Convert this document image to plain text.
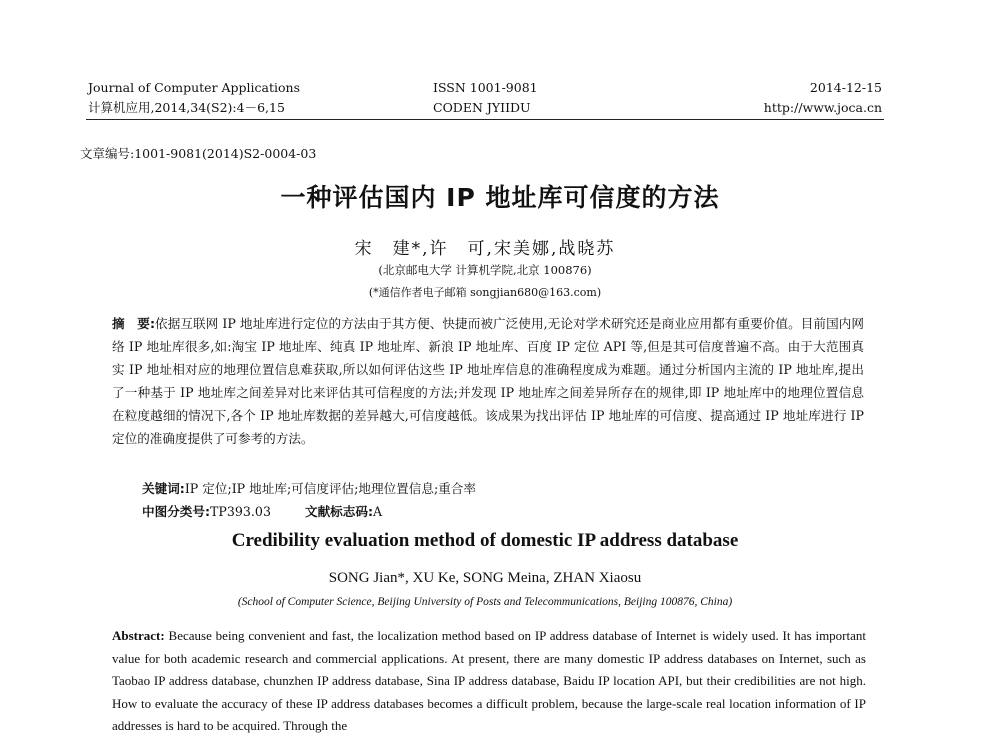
Journal of Computer Applications
计算机应用,2014,34(S2):4－6,15
ISSN 1001-9081
CODEN JYIIDU
2014-12-15
http://www.joca.cn
文章编号:1001-9081(2014)S2-0004-03
一种评估国内 IP 地址库可信度的方法
宋　建*,许　可,宋美娜,战晓苏
(北京邮电大学 计算机学院,北京 100876)
(*通信作者电子邮箱 songjian680@163.com)
摘　要:依据互联网 IP 地址库进行定位的方法由于其方便、快捷而被广泛使用,无论对学术研究还是商业应用都有重要价值。目前国内网络 IP 地址库很多,如:淘宝 IP 地址库、纯真 IP 地址库、新浪 IP 地址库、百度 IP 定位 API 等,但是其可信度普遍不高。由于大范围真实 IP 地址相对应的地理位置信息难获取,所以如何评估这些 IP 地址库信息的准确程度成为难题。通过分析国内主流的 IP 地址库,提出了一种基于 IP 地址库之间差异对比来评估其可信程度的方法;并发现 IP 地址库之间差异所存在的规律,即 IP 地址库中的地理位置信息在粒度越细的情况下,各个 IP 地址库数据的差异越大,可信度越低。该成果为找出评估 IP 地址库的可信度、提高通过 IP 地址库进行 IP 定位的准确度提供了可参考的方法。
关键词:IP 定位;IP 地址库;可信度评估;地理位置信息;重合率
中图分类号:TP393.03	文献标志码:A
Credibility evaluation method of domestic IP address database
SONG Jian*, XU Ke, SONG Meina, ZHAN Xiaosu
(School of Computer Science, Beijing University of Posts and Telecommunications, Beijing 100876, China)
Abstract: Because being convenient and fast, the localization method based on IP address database of Internet is widely used. It has important value for both academic research and commercial applications. At present, there are many domestic IP address databases on Internet, such as Taobao IP address database, chunzhen IP address database, Sina IP address database, Baidu IP location API, but their credibilities are not high. How to evaluate the accuracy of these IP address databases becomes a difficult problem, because the large-scale real location information of IP addresses is hard to be acquired. Through the
